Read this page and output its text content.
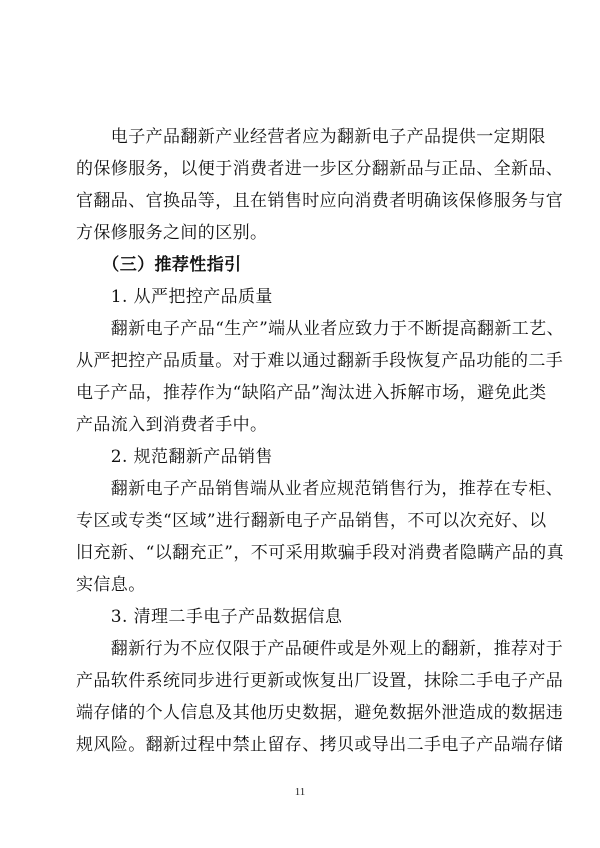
　　电子产品翻新产业经营者应为翻新电子产品提供一定期限
的保修服务，以便于消费者进一步区分翻新品与正品、全新品、
官翻品、官换品等，且在销售时应向消费者明确该保修服务与官
方保修服务之间的区别。
　　（三）推荐性指引
　　1. 从严把控产品质量
　　翻新电子产品“生产”端从业者应致力于不断提高翻新工艺、
从严把控产品质量。对于难以通过翻新手段恢复产品功能的二手
电子产品，推荐作为“缺陷产品”淘汰进入拆解市场，避免此类
产品流入到消费者手中。
　　2. 规范翻新产品销售
　　翻新电子产品销售端从业者应规范销售行为，推荐在专柜、
专区或专类“区域”进行翻新电子产品销售，不可以次充好、以
旧充新、“以翻充正”，不可采用欺骗手段对消费者隐瞒产品的真
实信息。
　　3. 清理二手电子产品数据信息
　　翻新行为不应仅限于产品硬件或是外观上的翻新，推荐对于
产品软件系统同步进行更新或恢复出厂设置，抹除二手电子产品
端存储的个人信息及其他历史数据，避免数据外泄造成的数据违
规风险。翻新过程中禁止留存、拷贝或导出二手电子产品端存储
11
